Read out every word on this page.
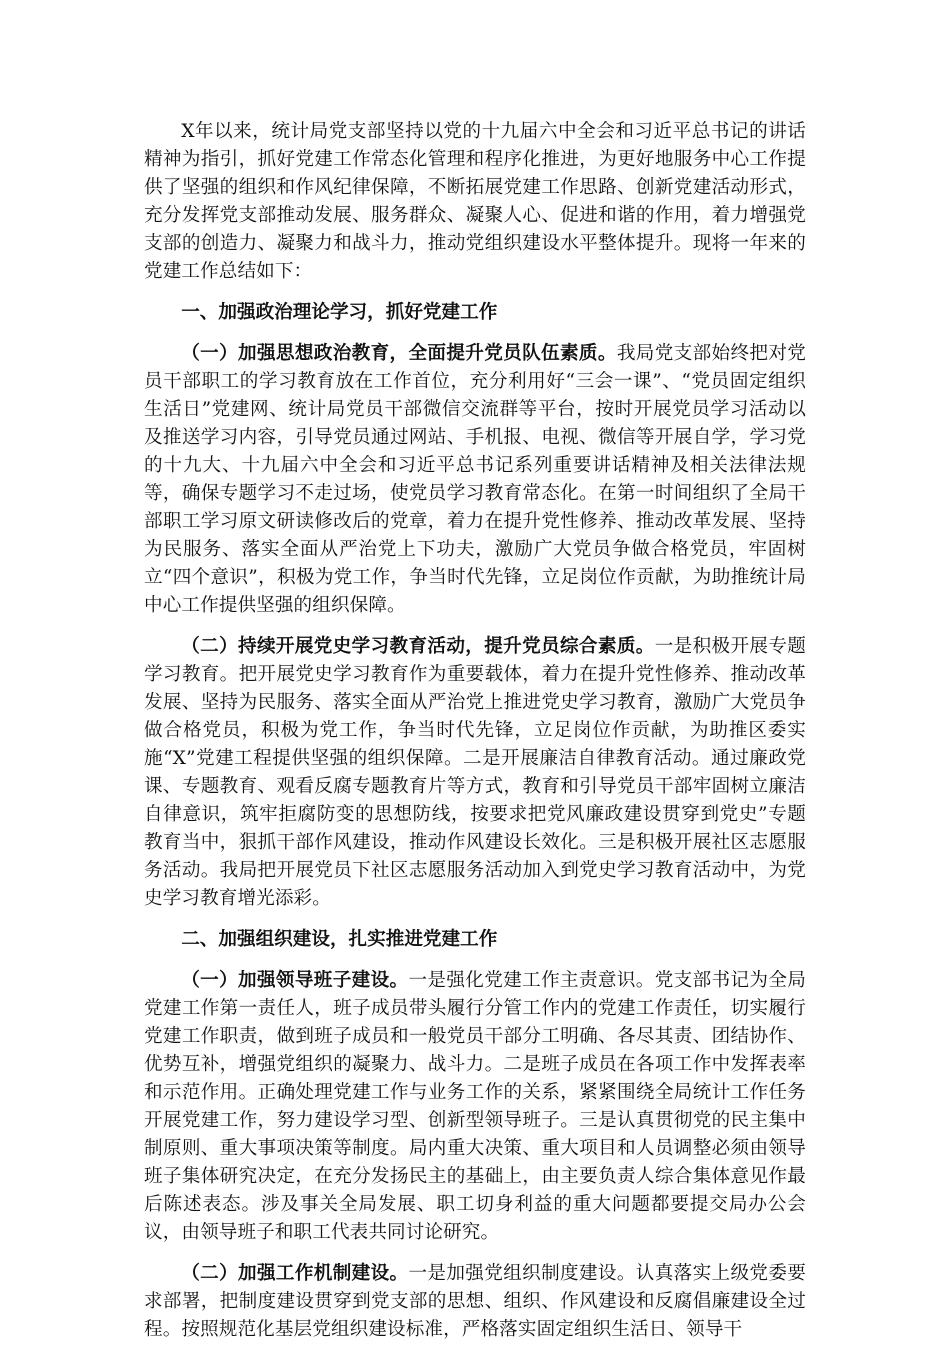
X年以来，统计局党支部坚持以党的十九届六中全会和习近平总书记的讲话精神为指引，抓好党建工作常态化管理和程序化推进，为更好地服务中心工作提供了坚强的组织和作风纪律保障，不断拓展党建工作思路、创新党建活动形式，充分发挥党支部推动发展、服务群众、凝聚人心、促进和谐的作用，着力增强党支部的创造力、凝聚力和战斗力，推动党组织建设水平整体提升。现将一年来的党建工作总结如下：

一、加强政治理论学习，抓好党建工作

（一）加强思想政治教育，全面提升党员队伍素质。我局党支部始终把对党员干部职工的学习教育放在工作首位，充分利用好“三会一课”、“党员固定组织生活日”党建网、统计局党员干部微信交流群等平台，按时开展党员学习活动以及推送学习内容，引导党员通过网站、手机报、电视、微信等开展自学，学习党的十九大、十九届六中全会和习近平总书记系列重要讲话精神及相关法律法规等，确保专题学习不走过场，使党员学习教育常态化。在第一时间组织了全局干部职工学习原文研读修改后的党章，着力在提升党性修养、推动改革发展、坚持为民服务、落实全面从严治党上下功夫，激励广大党员争做合格党员，牢固树立“四个意识”，积极为党工作，争当时代先锋，立足岗位作贡献，为助推统计局中心工作提供坚强的组织保障。

（二）持续开展党史学习教育活动，提升党员综合素质。一是积极开展专题学习教育。把开展党史学习教育作为重要载体，着力在提升党性修养、推动改革发展、坚持为民服务、落实全面从严治党上推进党史学习教育，激励广大党员争做合格党员，积极为党工作，争当时代先锋，立足岗位作贡献，为助推区委实施“X”党建工程提供坚强的组织保障。二是开展廉洁自律教育活动。通过廉政党课、专题教育、观看反腐专题教育片等方式，教育和引导党员干部牢固树立廉洁自律意识，筑牢拒腐防变的思想防线，按要求把党风廉政建设贯穿到党史”专题教育当中，狠抓干部作风建设，推动作风建设长效化。三是积极开展社区志愿服务活动。我局把开展党员下社区志愿服务活动加入到党史学习教育活动中，为党史学习教育增光添彩。

二、加强组织建设，扎实推进党建工作

（一）加强领导班子建设。一是强化党建工作主责意识。党支部书记为全局党建工作第一责任人，班子成员带头履行分管工作内的党建工作责任，切实履行党建工作职责，做到班子成员和一般党员干部分工明确、各尽其责、团结协作、优势互补，增强党组织的凝聚力、战斗力。二是班子成员在各项工作中发挥表率和示范作用。正确处理党建工作与业务工作的关系，紧紧围绕全局统计工作任务开展党建工作，努力建设学习型、创新型领导班子。三是认真贯彻党的民主集中制原则、重大事项决策等制度。局内重大决策、重大项目和人员调整必须由领导班子集体研究决定，在充分发扬民主的基础上，由主要负责人综合集体意见作最后陈述表态。涉及事关全局发展、职工切身利益的重大问题都要提交局办公会议，由领导班子和职工代表共同讨论研究。

（二）加强工作机制建设。一是加强党组织制度建设。认真落实上级党委要求部署，把制度建设贯穿到党支部的思想、组织、作风建设和反腐倡廉建设全过程。按照规范化基层党组织建设标准，严格落实固定组织生活日、领导干
